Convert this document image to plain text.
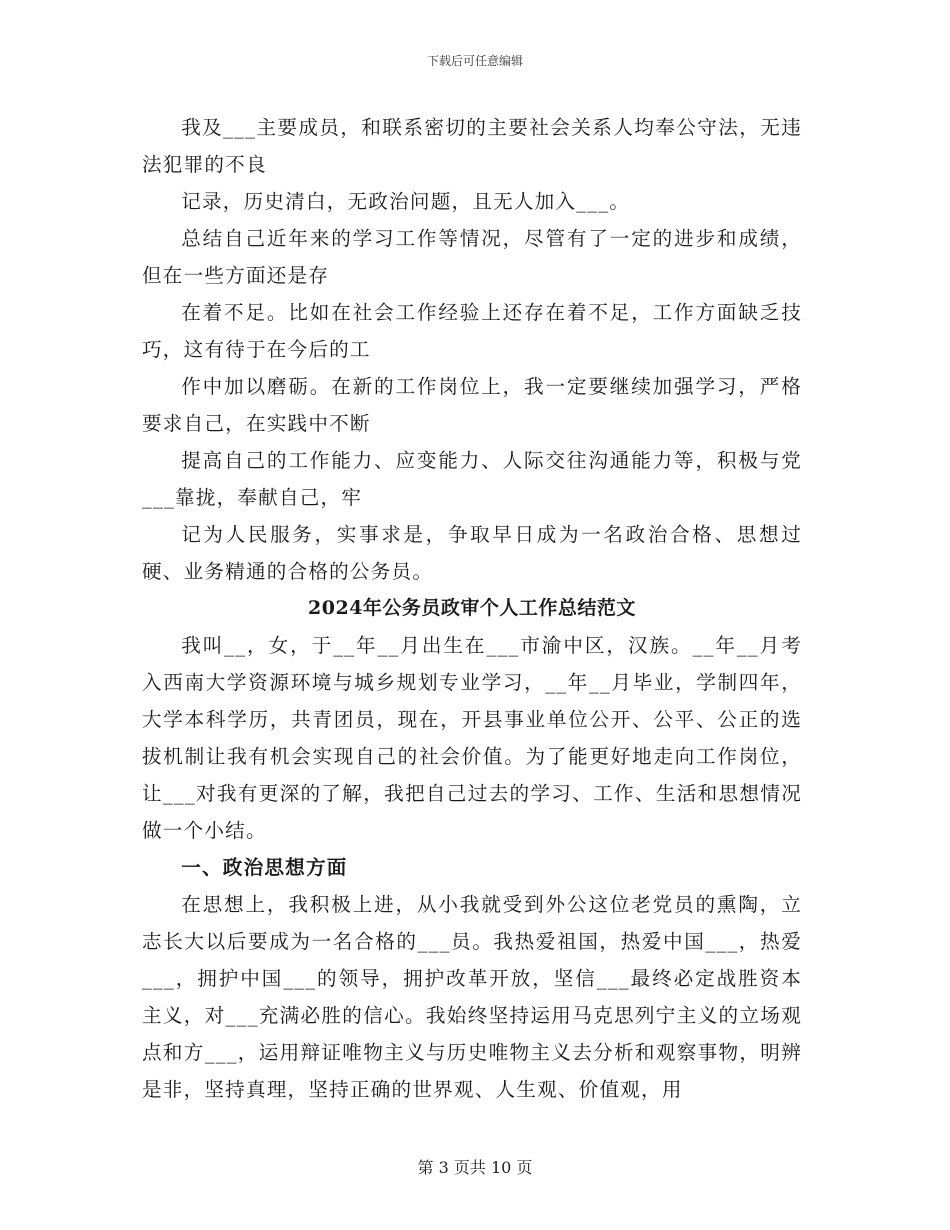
下载后可任意编辑

我及___主要成员，和联系密切的主要社会关系人均奉公守法，无违法犯罪的不良

记录，历史清白，无政治问题，且无人加入___。

总结自己近年来的学习工作等情况，尽管有了一定的进步和成绩，但在一些方面还是存

在着不足。比如在社会工作经验上还存在着不足，工作方面缺乏技巧，这有待于在今后的工

作中加以磨砺。在新的工作岗位上，我一定要继续加强学习，严格要求自己，在实践中不断

提高自己的工作能力、应变能力、人际交往沟通能力等，积极与党___靠拢，奉献自己，牢

记为人民服务，实事求是，争取早日成为一名政治合格、思想过硬、业务精通的合格的公务员。

2024年公务员政审个人工作总结范文

我叫__，女，于__年__月出生在___市渝中区，汉族。__年__月考入西南大学资源环境与城乡规划专业学习，__年__月毕业，学制四年，大学本科学历，共青团员，现在，开县事业单位公开、公平、公正的选拔机制让我有机会实现自己的社会价值。为了能更好地走向工作岗位，让___对我有更深的了解，我把自己过去的学习、工作、生活和思想情况做一个小结。

一、政治思想方面

在思想上，我积极上进，从小我就受到外公这位老党员的熏陶，立志长大以后要成为一名合格的___员。我热爱祖国，热爱中国___，热爱___，拥护中国___的领导，拥护改革开放，坚信___最终必定战胜资本主义，对___充满必胜的信心。我始终坚持运用马克思列宁主义的立场观点和方___，运用辩证唯物主义与历史唯物主义去分析和观察事物，明辨是非，坚持真理，坚持正确的世界观、人生观、价值观，用

第 3 页共 10 页
